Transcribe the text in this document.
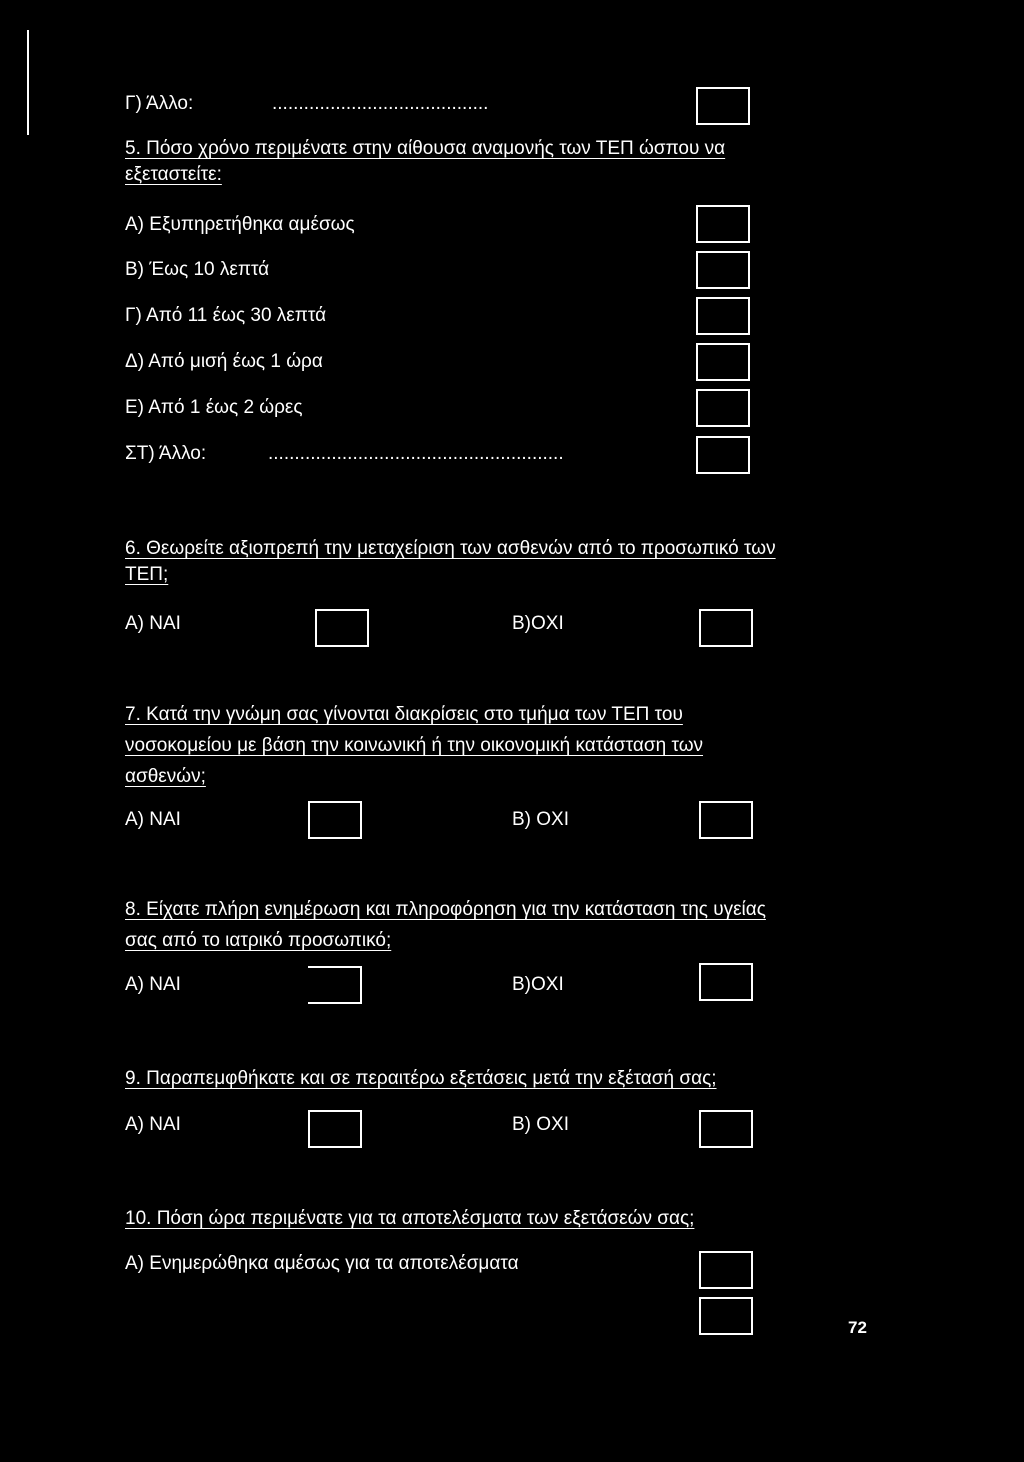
Γ) Άλλο:	.........................................
5. Πόσο χρόνο περιμένατε στην αίθουσα αναμονής των ΤΕΠ ώσπου να
εξεταστείτε:
Α) Εξυπηρετήθηκα αμέσως
Β) Έως 10 λεπτά
Γ) Από 11 έως 30 λεπτά
Δ) Από μισή έως 1 ώρα
Ε) Από 1 έως 2 ώρες
ΣΤ) Άλλο:	........................................................
6. Θεωρείτε αξιοπρεπή την μεταχείριση των ασθενών από το προσωπικό των
ΤΕΠ;
Α) ΝΑΙ	Β)ΟΧΙ
7. Κατά την γνώμη σας γίνονται διακρίσεις στο τμήμα των ΤΕΠ του
νοσοκομείου με βάση την κοινωνική ή την οικονομική κατάσταση των
ασθενών;
Α) ΝΑΙ	Β) ΟΧΙ
8. Είχατε πλήρη ενημέρωση και πληροφόρηση για την κατάσταση της υγείας
σας από το ιατρικό προσωπικό;
Α) ΝΑΙ	Β)ΟΧΙ
9. Παραπεμφθήκατε και σε περαιτέρω εξετάσεις μετά την εξέτασή σας;
Α) ΝΑΙ	Β) ΟΧΙ
10. Πόση ώρα περιμένατε για τα αποτελέσματα των εξετάσεών σας;
Α) Ενημερώθηκα αμέσως για τα αποτελέσματα
72
